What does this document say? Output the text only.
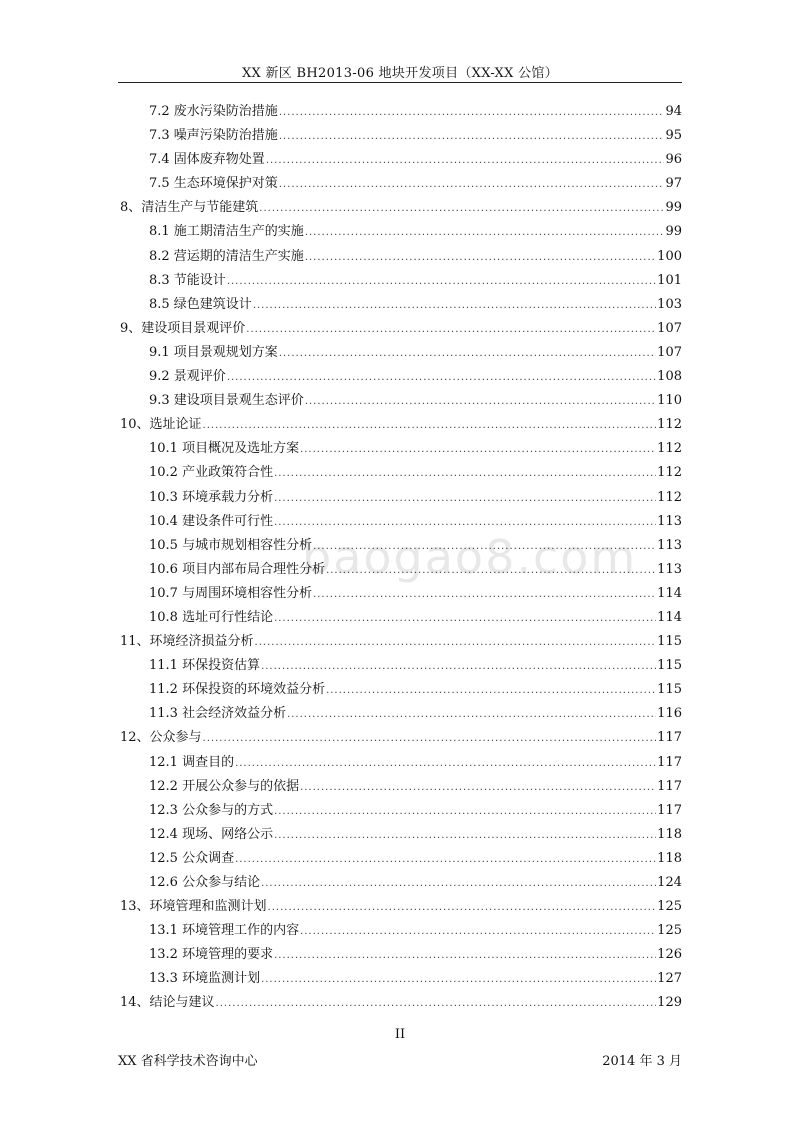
XX 新区 BH2013-06 地块开发项目（XX-XX 公馆）
baogao8.com
7.2 废水污染防治措施 .....	94
7.3 噪声污染防治措施 .....	95
7.4 固体废弃物处置 .....	96
7.5 生态环境保护对策 .....	97
8、清洁生产与节能建筑 .....	99
8.1 施工期清洁生产的实施 .....	99
8.2 营运期的清洁生产实施 .....	100
8.3 节能设计 .....	101
8.5 绿色建筑设计 .....	103
9、建设项目景观评价 .....	107
9.1 项目景观规划方案 .....	107
9.2 景观评价 .....	108
9.3 建设项目景观生态评价 .....	110
10、选址论证 .....	112
10.1 项目概况及选址方案 .....	112
10.2 产业政策符合性 .....	112
10.3 环境承载力分析 .....	112
10.4 建设条件可行性 .....	113
10.5 与城市规划相容性分析 .....	113
10.6 项目内部布局合理性分析 .....	113
10.7 与周围环境相容性分析 .....	114
10.8 选址可行性结论 .....	114
11、环境经济损益分析 .....	115
11.1 环保投资估算 .....	115
11.2 环保投资的环境效益分析 .....	115
11.3 社会经济效益分析 .....	116
12、公众参与 .....	117
12.1 调查目的 .....	117
12.2 开展公众参与的依据 .....	117
12.3 公众参与的方式 .....	117
12.4 现场、网络公示 .....	118
12.5 公众调查 .....	118
12.6 公众参与结论 .....	124
13、环境管理和监测计划 .....	125
13.1 环境管理工作的内容 .....	125
13.2 环境管理的要求 .....	126
13.3 环境监测计划 .....	127
14、结论与建议 .....	129
II
XX 省科学技术咨询中心	2014 年 3 月
